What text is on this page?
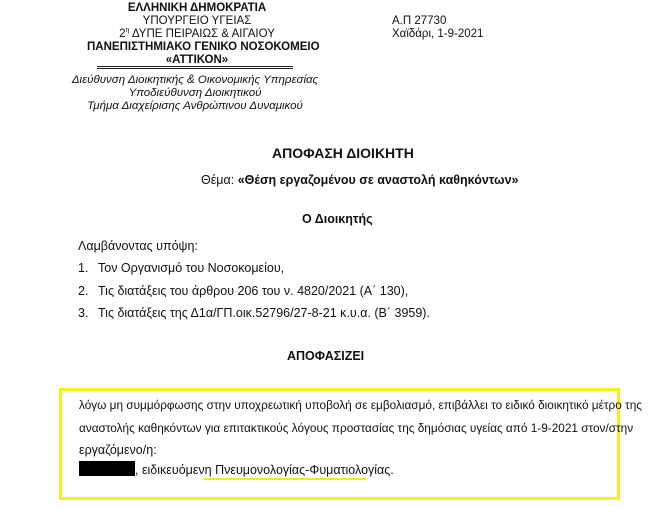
ΕΛΛΗΝΙΚΗ ΔΗΜΟΚΡΑΤΙΑ
ΥΠΟΥΡΓΕΙΟ ΥΓΕΙΑΣ
$2^\eta$ ΔΥΠΕ ΠΕΙΡΑΙΩΣ & ΑΙΓΑΙΟΥ
ΠΑΝΕΠΙΣΤΗΜΙΑΚΟ ΓΕΝΙΚΟ ΝΟΣΟΚΟΜΕΙΟ
«ΑΤΤΙΚΟΝ»
Α.Π 27730
Χαϊδάρι, 1-9-2021
Διεύθυνση Διοικητικής & Οικονομικής Υπηρεσίας
Υποδιεύθυνση Διοικητικού
Τμήμα Διαχείρισης Ανθρώπινου Δυναμικού
ΑΠΟΦΑΣΗ ΔΙΟΙΚΗΤΗ
Θέμα: «Θέση εργαζομένου σε αναστολή καθηκόντων»
Ο Διοικητής
Λαμβάνοντας υπόψη:
1. Τον Οργανισμό του Νοσοκομείου,
2. Τις διατάξεις του άρθρου 206 του ν. 4820/2021 (Α΄ 130),
3. Τις διατάξεις της Δ1α/ΓΠ.οικ.52796/27-8-21 κ.υ.α. (Β΄ 3959).
ΑΠΟΦΑΣΙΖΕΙ
λόγω μη συμμόρφωσης στην υποχρεωτική υποβολή σε εμβολιασμό, επιβάλλει το ειδικό διοικητικό μέτρο της
αναστολής καθηκόντων για επιτακτικούς λόγους προστασίας της δημόσιας υγείας από 1-9-2021 στον/στην
εργαζόμενο/η:
, ειδικευόμενη Πνευμονολογίας-Φυματιολογίας.
